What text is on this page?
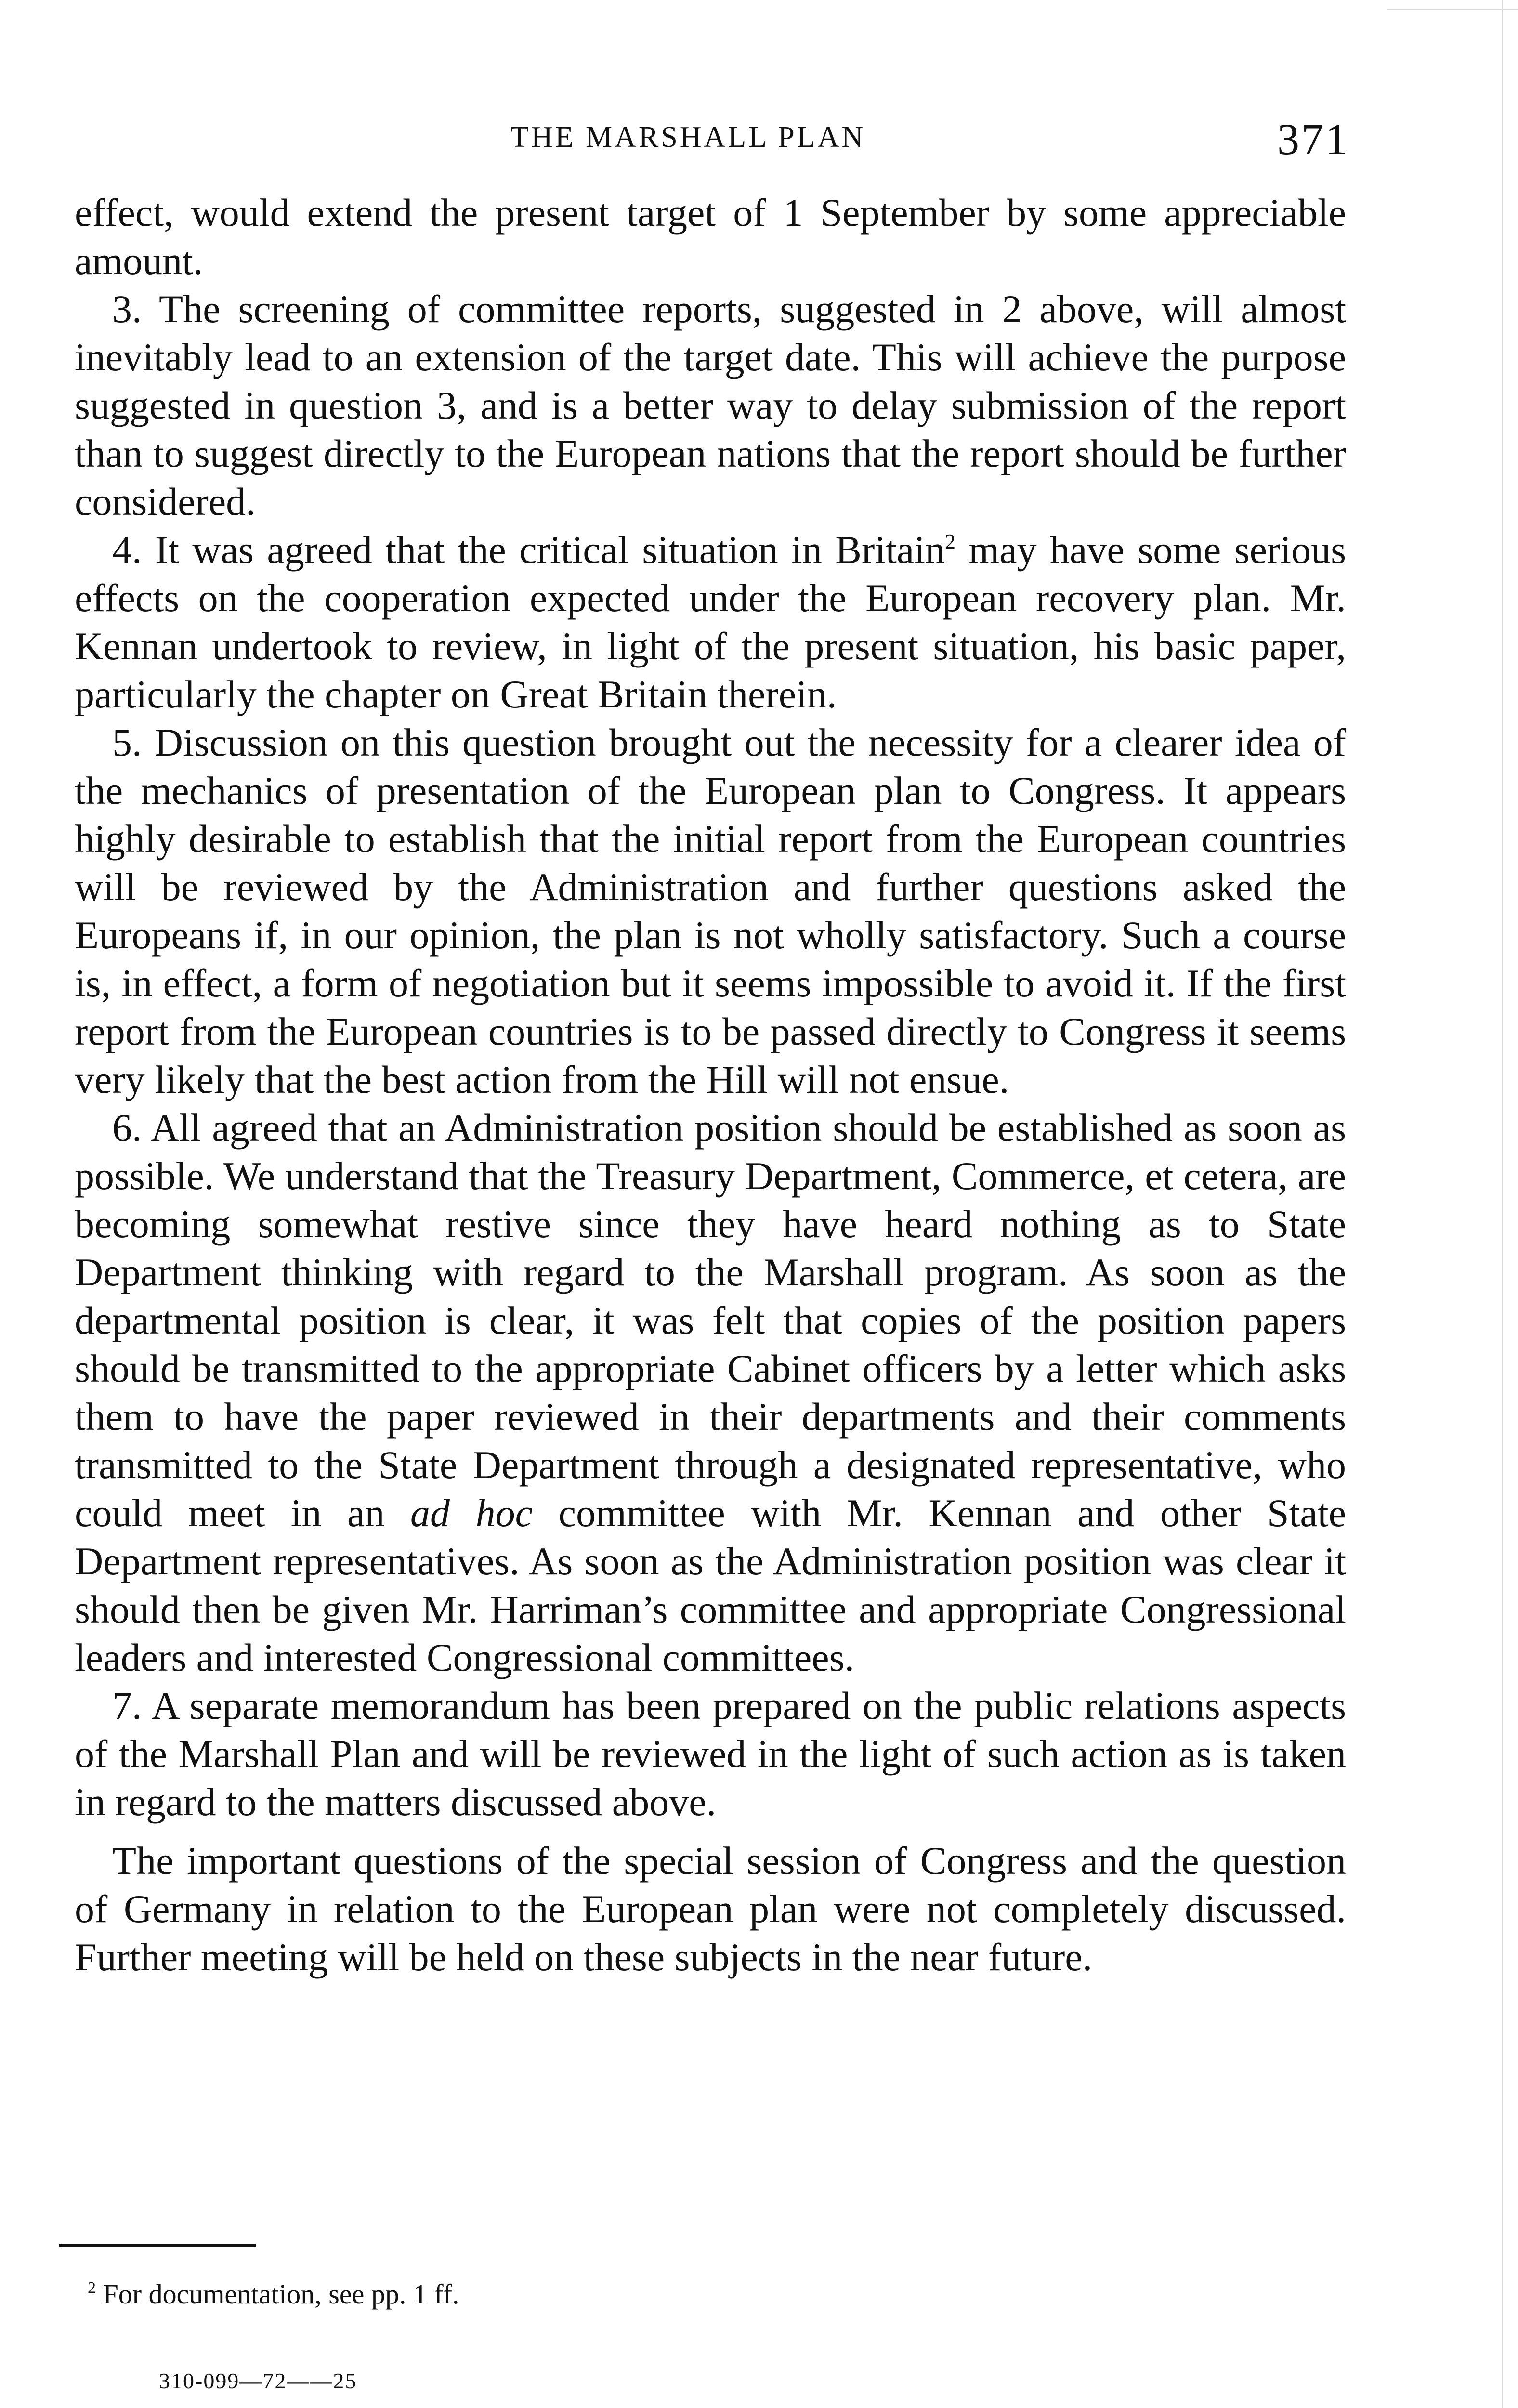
THE MARSHALL PLAN	371

effect, would extend the present target of 1 September by some appreciable amount.

3. The screening of committee reports, suggested in 2 above, will almost inevitably lead to an extension of the target date. This will achieve the purpose suggested in question 3, and is a better way to delay submission of the report than to suggest directly to the European nations that the report should be further considered.

4. It was agreed that the critical situation in Britain$^2$ may have some serious effects on the cooperation expected under the European recovery plan. Mr. Kennan undertook to review, in light of the present situation, his basic paper, particularly the chapter on Great Britain therein.

5. Discussion on this question brought out the necessity for a clearer idea of the mechanics of presentation of the European plan to Congress. It appears highly desirable to establish that the initial report from the European countries will be reviewed by the Administration and further questions asked the Europeans if, in our opinion, the plan is not wholly satisfactory. Such a course is, in effect, a form of negotiation but it seems impossible to avoid it. If the first report from the European countries is to be passed directly to Congress it seems very likely that the best action from the Hill will not ensue.

6. All agreed that an Administration position should be established as soon as possible. We understand that the Treasury Department, Commerce, et cetera, are becoming somewhat restive since they have heard nothing as to State Department thinking with regard to the Marshall program. As soon as the departmental position is clear, it was felt that copies of the position papers should be transmitted to the appropriate Cabinet officers by a letter which asks them to have the paper reviewed in their departments and their comments transmitted to the State Department through a designated representative, who could meet in an ad hoc committee with Mr. Kennan and other State Department representatives. As soon as the Administration position was clear it should then be given Mr. Harriman’s committee and appropriate Congressional leaders and interested Congressional committees.

7. A separate memorandum has been prepared on the public relations aspects of the Marshall Plan and will be reviewed in the light of such action as is taken in regard to the matters discussed above.

The important questions of the special session of Congress and the question of Germany in relation to the European plan were not completely discussed. Further meeting will be held on these subjects in the near future.

$^2$ For documentation, see pp. 1 ff.
310-099—72——25
